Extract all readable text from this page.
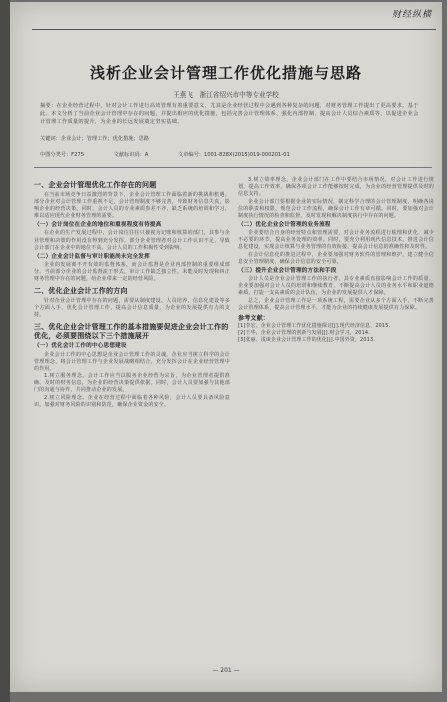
财经纵横
浅析企业会计管理工作优化措施与思路
王燕飞　浙江省绍兴市中等专业学校
摘要：在企业经营过程中，针对会计工作进行高效管理有着重要意义，尤其是企业经营过程中会遇到各种复杂的问题，对财务管理工作提出了更高要求。基于此，本文分析了当前企业会计管理中存在的问题，并提出相应的优化措施，包括完善会计管理体系、强化内部控制、提高会计人员综合素质等，以促进企业会计管理工作质量的提升，为企业的长远发展奠定坚实基础。
关键词：企业会计；管理工作；优化措施；思路
中图分类号：F275	文献标识码：A	文章编号：1001-828X(2015)019-000201-01
一、企业会计管理优化工作存在的问题

在当前市场竞争日益激烈的背景下，企业会计管理工作面临着新的挑战和机遇。部分企业对会计管理工作重视不足，会计管理制度不够完善，导致财务信息失真，影响企业的经营决策。同时，会计人员的专业素质参差不齐，缺乏系统的培训和学习，难以适应现代企业财务管理的需要。

（一）会计岗位在企业的地位和重视程度有待提高

在企业的生产发展过程中，会计岗位往往只被视为记账和核算的部门，其参与企业管理和决策的作用没有得到充分发挥。部分企业管理者对会计工作认识不足，导致会计部门在企业中的地位不高，会计人员的工作积极性受到影响。

（二）企业会计监督与审计职能尚未完全发挥

企业的发展离不开有效的监督体系，而会计监督是企业内部控制的重要组成部分。当前部分企业的会计监督流于形式，审计工作缺乏独立性，未能及时发现和纠正财务管理中存在的问题，给企业带来一定的经营风险。

二、优化企业会计工作的方向

针对企业会计管理中存在的问题，需要从制度建设、人员培养、信息化建设等多个方面入手，优化会计管理工作，提高会计信息质量，为企业的发展提供有力的支持。

三、优化企业会计管理工作的基本措施要促进企业会计工作的优化，必须要围绕以下三个措施展开
（一）优化会计工作的中心思想建设

企业会计工作的中心思想是企业会计管理工作的灵魂，企业应当树立科学的会计管理理念，将会计管理工作与企业发展战略相结合，充分发挥会计在企业经营管理中的作用。

1.树立服务理念。会计工作应当以服务企业经营为宗旨，为企业管理者提供准确、及时的财务信息，为企业的经营决策提供依据。同时，会计人员要加强与其他部门的沟通与协作，共同推动企业的发展。

2.树立风险理念。企业在经营过程中面临着各种风险，会计人员要具备风险意识，加强对财务风险的识别和防范，确保企业资金的安全。

3.树立效率理念。企业会计部门在工作中要结合市场情况，对会计工作进行规划，提高工作效率，确保各项会计工作能够按时完成，为企业的经营管理提供及时的信息支持。

企业会计部门要根据企业的实际情况，制定科学合理的会计管理制度，明确各岗位的职责和权限，规范会计工作流程，确保会计工作有章可循。同时，要加强对会计制度执行情况的检查和监督，及时发现和解决制度执行中存在的问题。

（二）优化企业会计管理的业务流程

企业要结合自身的经营特点和管理需要，对会计业务流程进行梳理和优化，减少不必要的环节，提高业务处理的效率。同时，要充分利用现代信息技术，推进会计信息化建设，实现会计核算与业务管理的有效衔接，提高会计信息的准确性和及时性。

在会计信息化的推进过程中，企业要加强对财务软件的管理和维护，建立健全信息安全管理制度，确保会计信息的安全可靠。

（三）提升企业会计管理的方法和手段

会计人员是企业会计管理工作的执行者，其专业素质直接影响会计工作的质量。企业要加强对会计人员的培训和继续教育，不断提高会计人员的业务水平和职业道德素质，打造一支高素质的会计队伍，为企业的发展提供人才保障。

总之，企业会计管理工作是一项系统工程，需要企业从多个方面入手，不断完善会计管理体系，提高会计管理水平，才能为企业的持续健康发展提供有力保障。

参考文献：
[1]李宏、企业会计管理工作优化措施探讨[J].现代经济信息，2015.
[2]王华、企业会计管理的创新与发展[J].财会学习，2014.
[3]张丽、浅谈企业会计管理工作的优化[J].中国外资，2013.
— 201 —
